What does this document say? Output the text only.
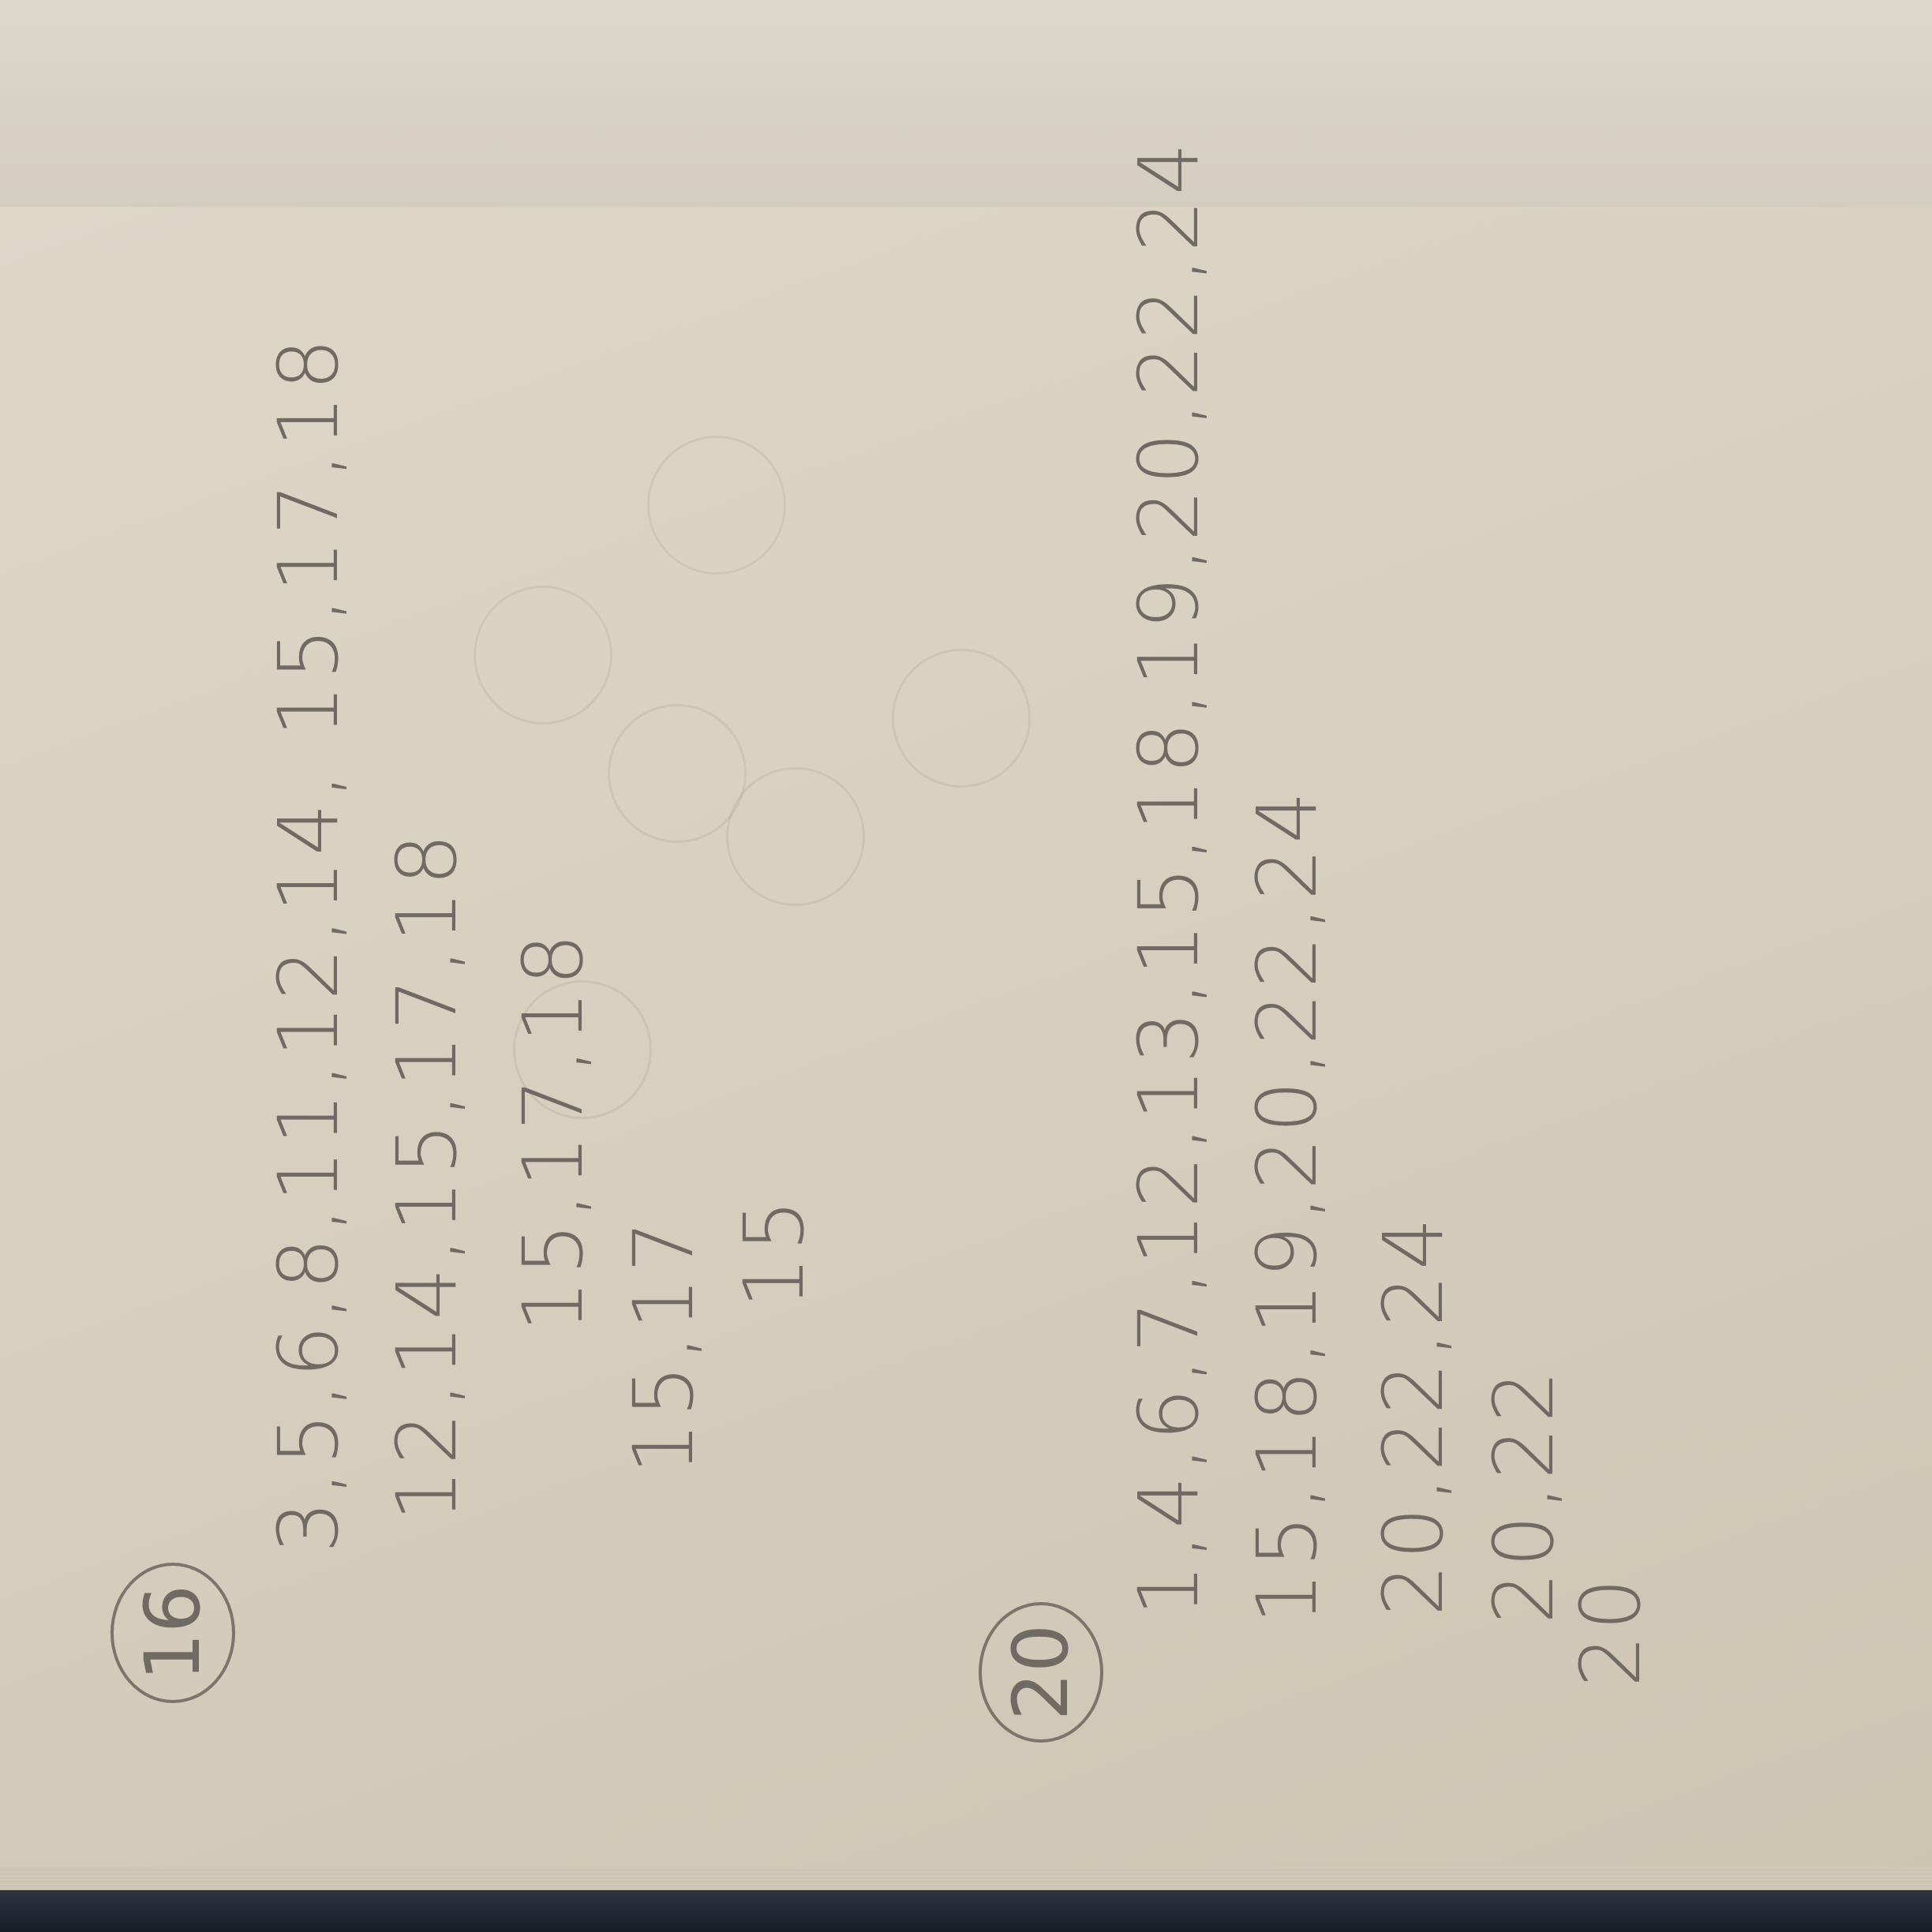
16
3,5,6,8,11,12,14, 15,17,18 12,14,15,17,18 15,17,18
15,17 15
20
1,4,6,7,12,13,15,18,19,20,22,24 15,18,19,20,22,24 20,22,24 20,22
20
